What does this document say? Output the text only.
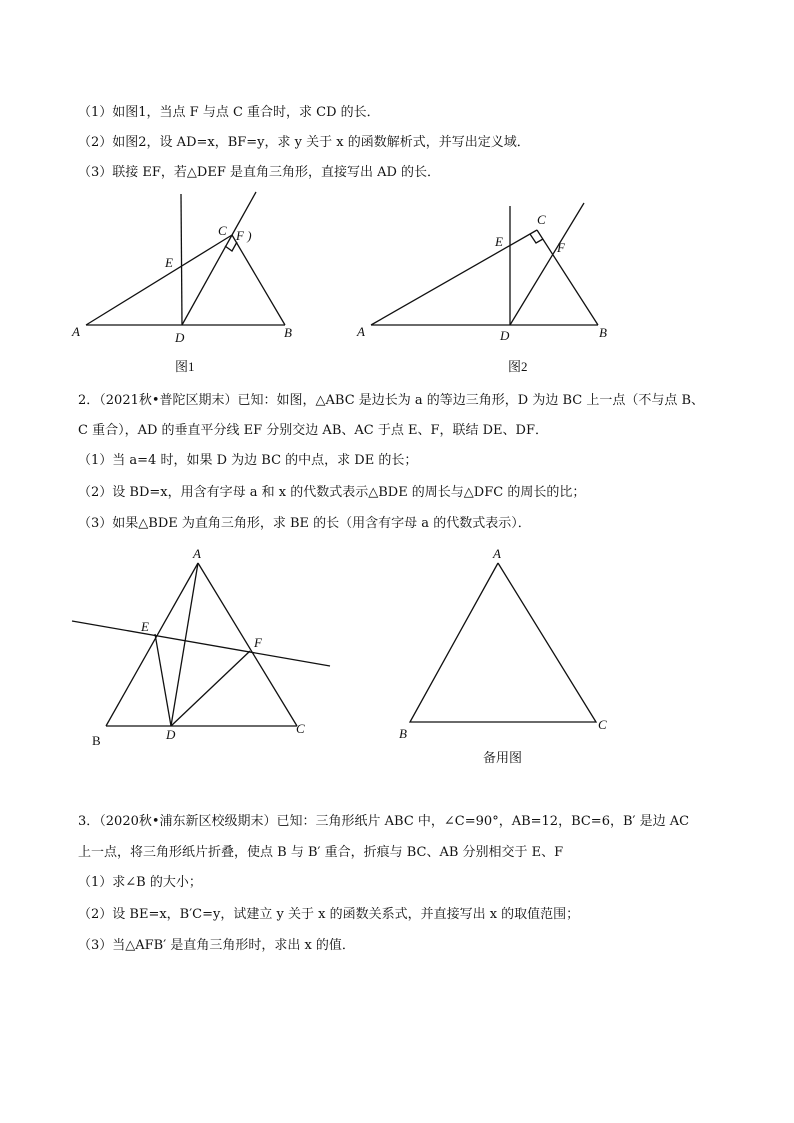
（1）如图1，当点 F 与点 C 重合时，求 CD 的长．
（2）如图2，设 AD=x，BF=y，求 y 关于 x 的函数解析式，并写出定义域．
（3）联接 EF，若△DEF 是直角三角形，直接写出 AD 的长．
A	B
C F )
E
D
图1
A	B
C
F
E
D
图2
2．（2021秋•普陀区期末）已知：如图，△ABC 是边长为 a 的等边三角形，D 为边 BC 上一点（不与点 B、
C 重合），AD 的垂直平分线 EF 分别交边 AB、AC 于点 E、F，联结 DE、DF．
（1）当 a=4 时，如果 D 为边 BC 的中点，求 DE 的长；
（2）设 BD=x，用含有字母 a 和 x 的代数式表示△BDE 的周长与△DFC 的周长的比；
（3）如果△BDE 为直角三角形，求 BE 的长（用含有字母 a 的代数式表示）．
A
E
F
B	D	C
A
B
C
备用图
3．（2020秋•浦东新区校级期末）已知：三角形纸片 ABC 中，∠C=90°，AB=12，BC=6，B′ 是边 AC
上一点，将三角形纸片折叠，使点 B 与 B′ 重合，折痕与 BC、AB 分别相交于 E、F
（1）求∠B 的大小；
（2）设 BE=x，B′C=y，试建立 y 关于 x 的函数关系式，并直接写出 x 的取值范围；
（3）当△AFB′ 是直角三角形时，求出 x 的值．
